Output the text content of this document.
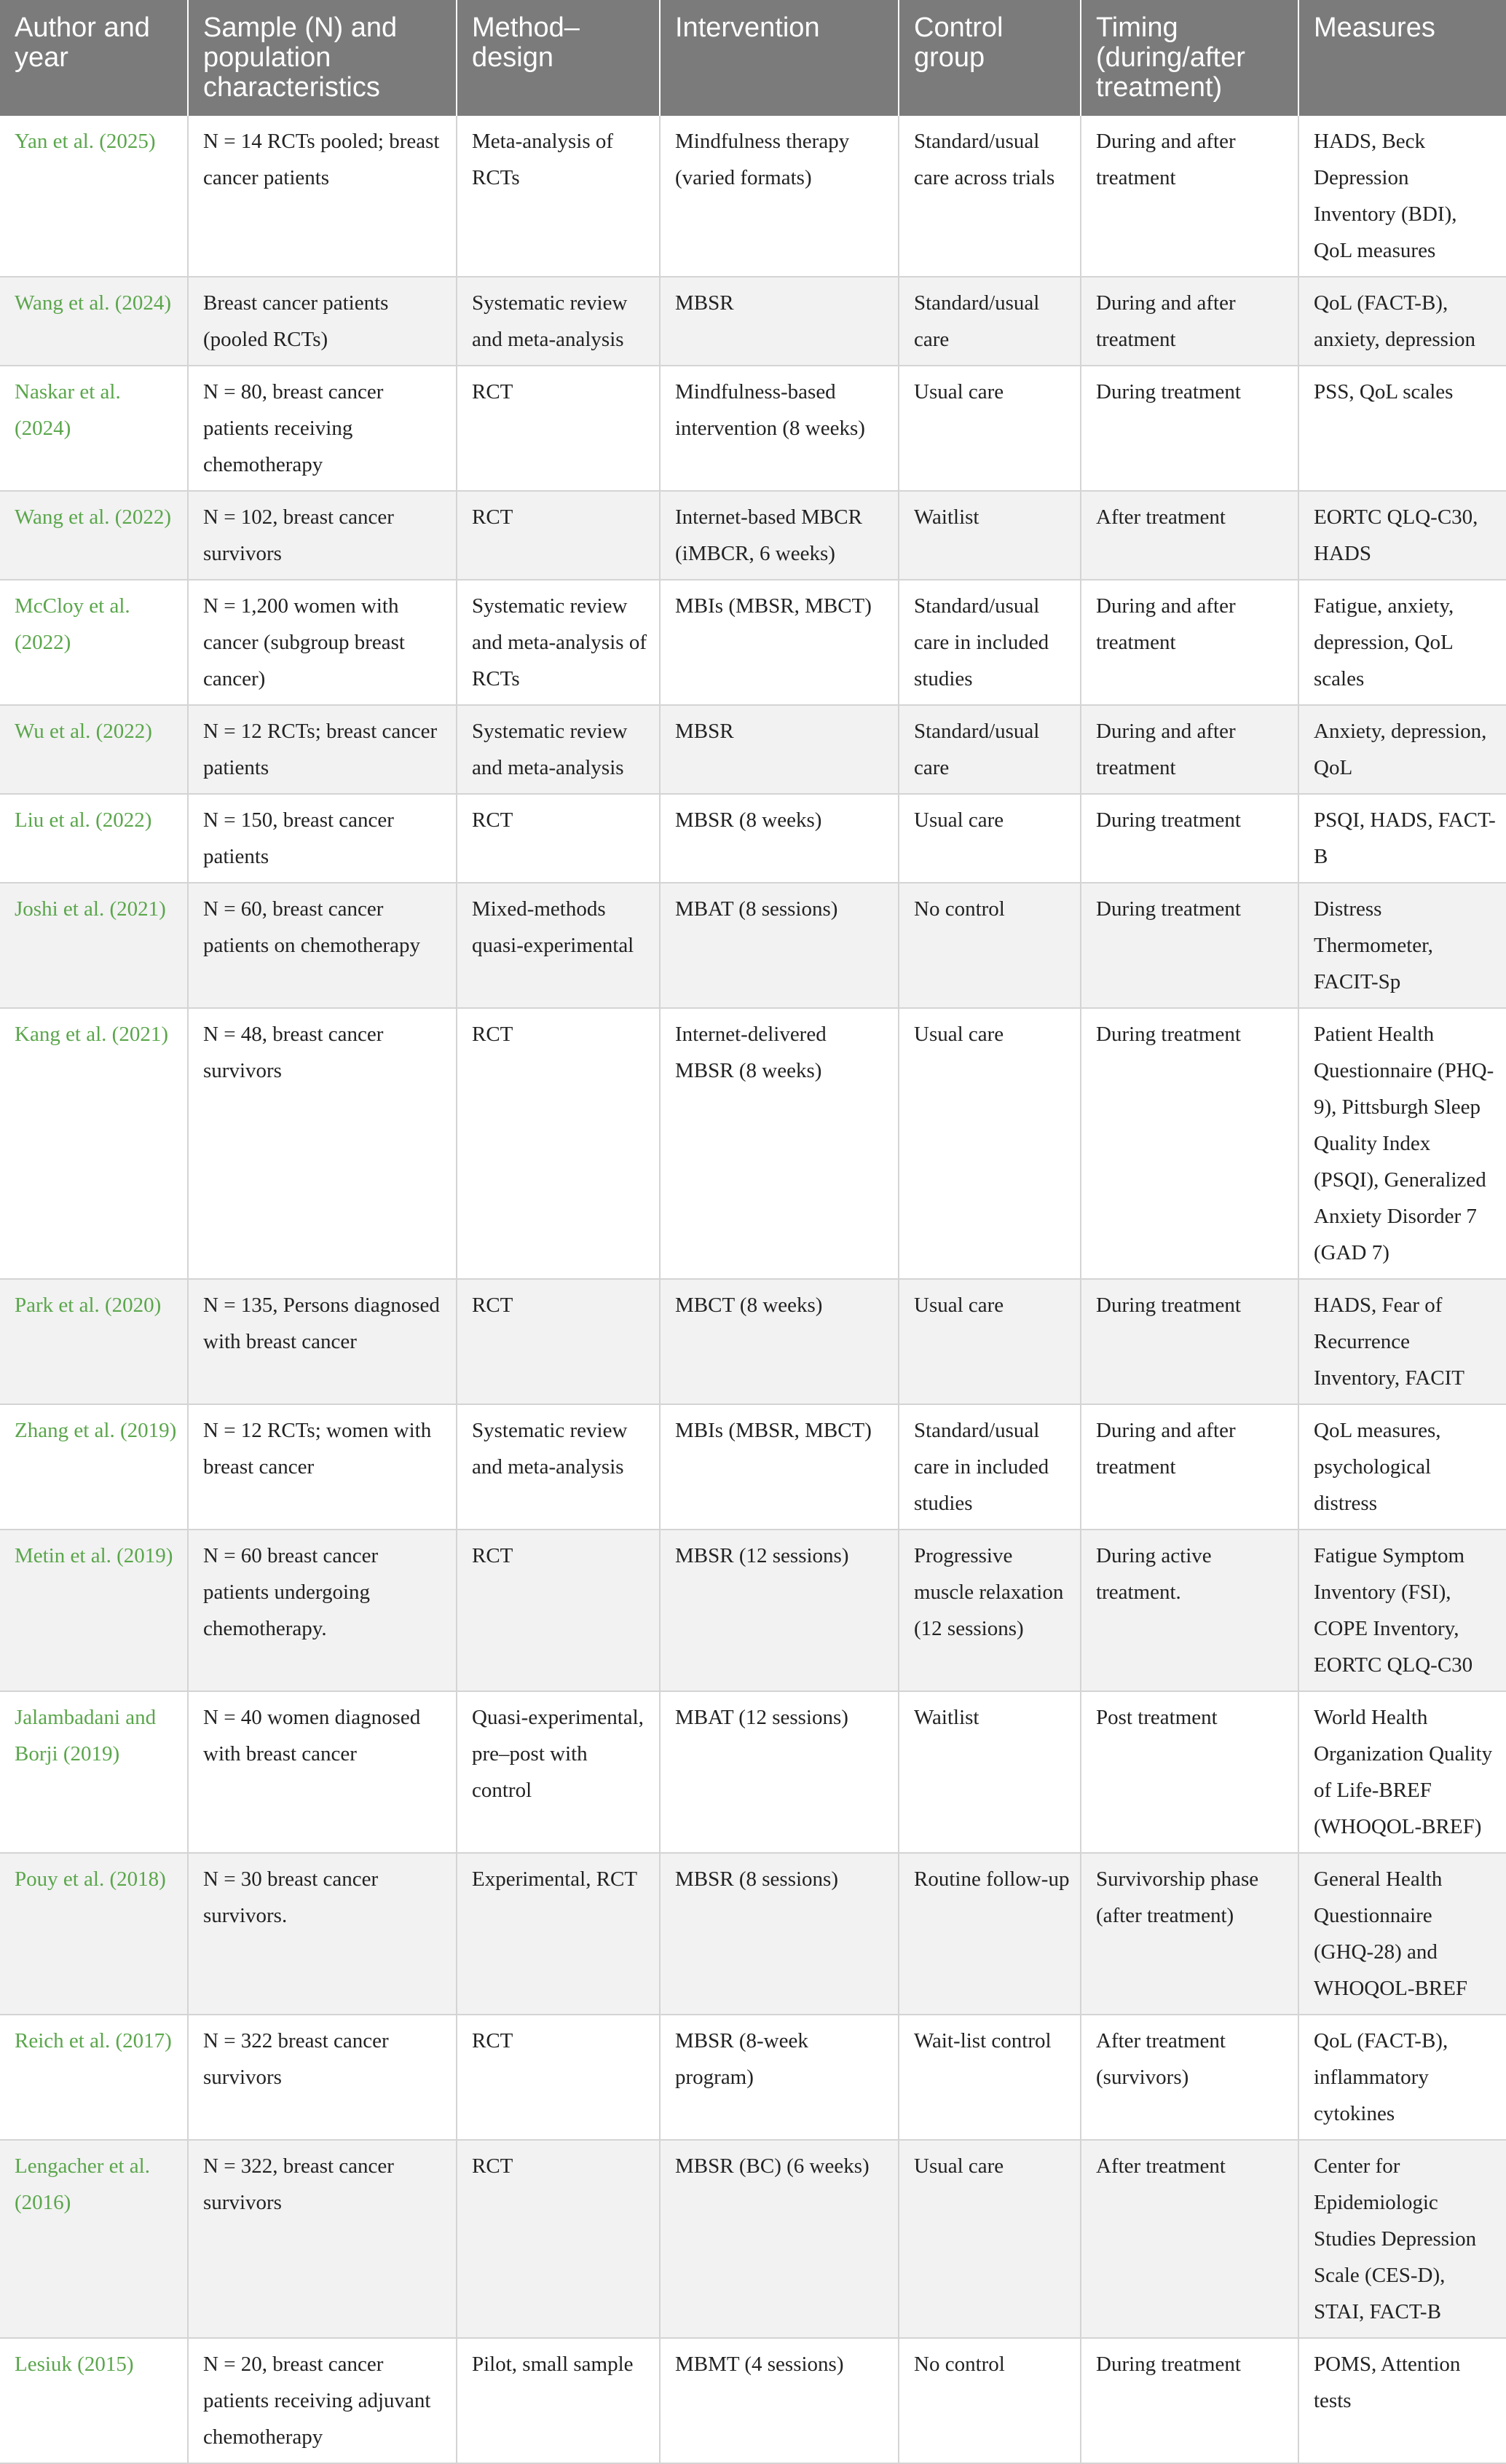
Author and year	Sample (N) and population characteristics	Method–design	Intervention	Control group	Timing (during/after treatment)	Measures
Yan et al. (2025)	N = 14 RCTs pooled; breast cancer patients	Meta-analysis of RCTs	Mindfulness therapy (varied formats)	Standard/usual care across trials	During and after treatment	HADS, Beck Depression Inventory (BDI), QoL measures
Wang et al. (2024)	Breast cancer patients (pooled RCTs)	Systematic review and meta-analysis	MBSR	Standard/usual care	During and after treatment	QoL (FACT-B), anxiety, depression
Naskar et al. (2024)	N = 80, breast cancer patients receiving chemotherapy	RCT	Mindfulness-based intervention (8 weeks)	Usual care	During treatment	PSS, QoL scales
Wang et al. (2022)	N = 102, breast cancer survivors	RCT	Internet-based MBCR (iMBCR, 6 weeks)	Waitlist	After treatment	EORTC QLQ-C30, HADS
McCloy et al. (2022)	N = 1,200 women with cancer (subgroup breast cancer)	Systematic review and meta-analysis of RCTs	MBIs (MBSR, MBCT)	Standard/usual care in included studies	During and after treatment	Fatigue, anxiety, depression, QoL scales
Wu et al. (2022)	N = 12 RCTs; breast cancer patients	Systematic review and meta-analysis	MBSR	Standard/usual care	During and after treatment	Anxiety, depression, QoL
Liu et al. (2022)	N = 150, breast cancer patients	RCT	MBSR (8 weeks)	Usual care	During treatment	PSQI, HADS, FACT-B
Joshi et al. (2021)	N = 60, breast cancer patients on chemotherapy	Mixed-methods quasi-experimental	MBAT (8 sessions)	No control	During treatment	Distress Thermometer, FACIT-Sp
Kang et al. (2021)	N = 48, breast cancer survivors	RCT	Internet-delivered MBSR (8 weeks)	Usual care	During treatment	Patient Health Questionnaire (PHQ-9), Pittsburgh Sleep Quality Index (PSQI), Generalized Anxiety Disorder 7 (GAD 7)
Park et al. (2020)	N = 135, Persons diagnosed with breast cancer	RCT	MBCT (8 weeks)	Usual care	During treatment	HADS, Fear of Recurrence Inventory, FACIT
Zhang et al. (2019)	N = 12 RCTs; women with breast cancer	Systematic review and meta-analysis	MBIs (MBSR, MBCT)	Standard/usual care in included studies	During and after treatment	QoL measures, psychological distress
Metin et al. (2019)	N = 60 breast cancer patients undergoing chemotherapy.	RCT	MBSR (12 sessions)	Progressive muscle relaxation (12 sessions)	During active treatment.	Fatigue Symptom Inventory (FSI), COPE Inventory, EORTC QLQ-C30
Jalambadani and Borji (2019)	N = 40 women diagnosed with breast cancer	Quasi-experimental, pre–post with control	MBAT (12 sessions)	Waitlist	Post treatment	World Health Organization Quality of Life-BREF (WHOQOL-BREF)
Pouy et al. (2018)	N = 30 breast cancer survivors.	Experimental, RCT	MBSR (8 sessions)	Routine follow-up	Survivorship phase (after treatment)	General Health Questionnaire (GHQ-28) and WHOQOL-BREF
Reich et al. (2017)	N = 322 breast cancer survivors	RCT	MBSR (8-week program)	Wait-list control	After treatment (survivors)	QoL (FACT-B), inflammatory cytokines
Lengacher et al. (2016)	N = 322, breast cancer survivors	RCT	MBSR (BC) (6 weeks)	Usual care	After treatment	Center for Epidemiologic Studies Depression Scale (CES-D), STAI, FACT-B
Lesiuk (2015)	N = 20, breast cancer patients receiving adjuvant chemotherapy	Pilot, small sample	MBMT (4 sessions)	No control	During treatment	POMS, Attention tests
